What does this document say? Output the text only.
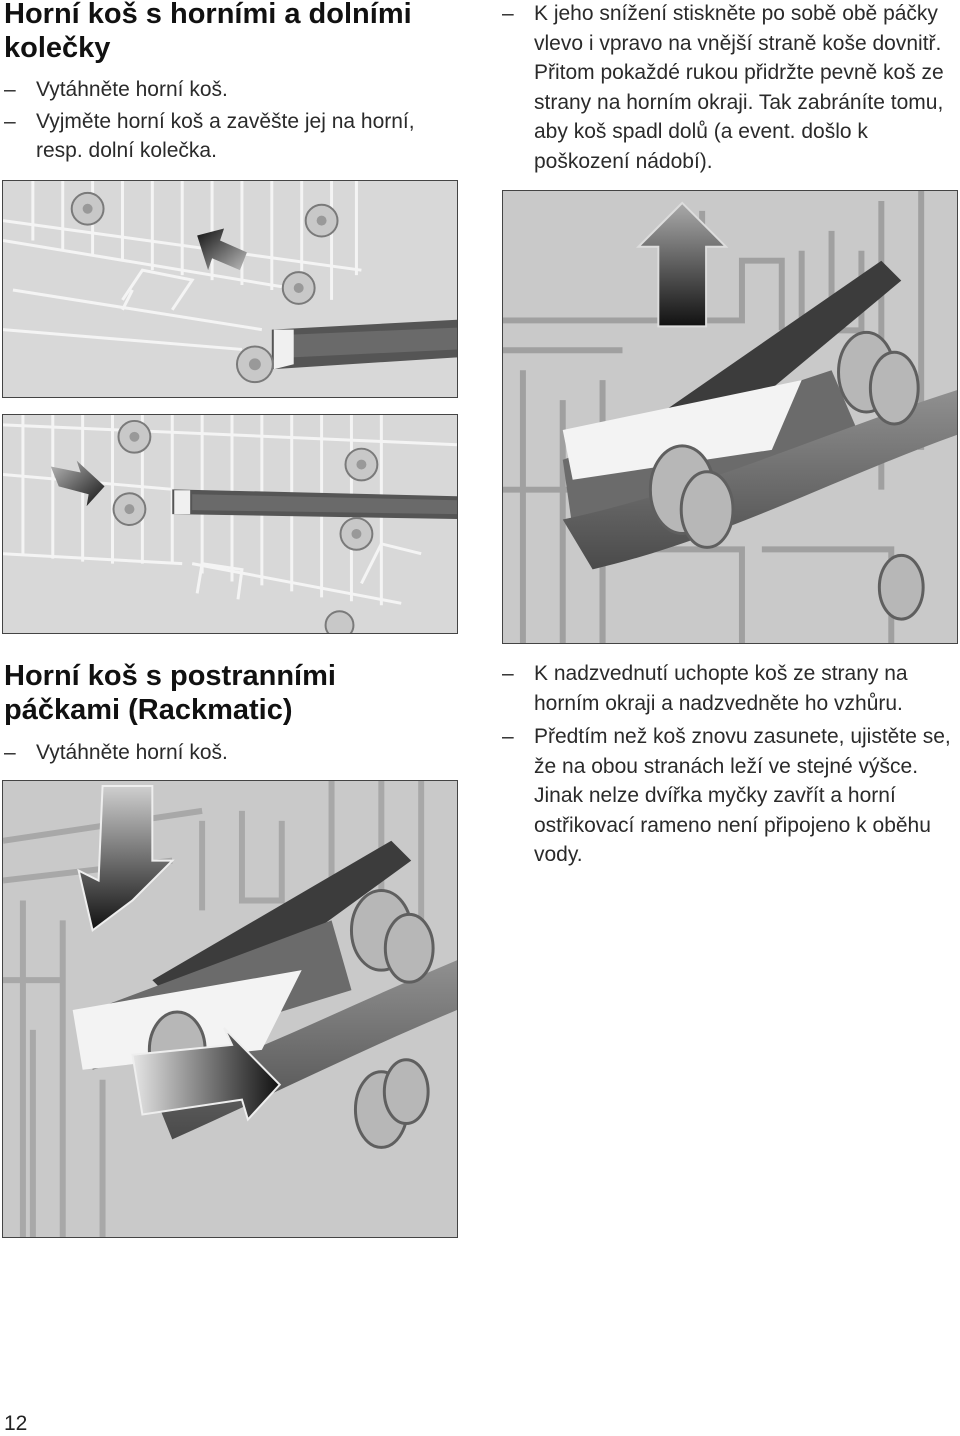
Horní koš s horními a dolními
kolečky
– Vytáhněte horní koš.
– Vyjměte horní koš a zavěšte jej na horní, resp. dolní kolečka.
– K jeho snížení stiskněte po sobě obě páčky vlevo i vpravo na vnější straně koše dovnitř. Přitom pokaždé rukou přidržte pevně koš ze strany na horním okraji. Tak zabráníte tomu, aby koš spadl dolů (a event. došlo k poškození nádobí).
Horní koš s postranními
páčkami (Rackmatic)
– Vytáhněte horní koš.
– K nadzvednutí uchopte koš ze strany na horním okraji a nadzvedněte ho vzhůru.
– Předtím než koš znovu zasunete, ujistěte se, že na obou stranách leží ve stejné výšce. Jinak nelze dvířka myčky zavřít a horní ostřikovací rameno není připojeno k oběhu vody.
12
